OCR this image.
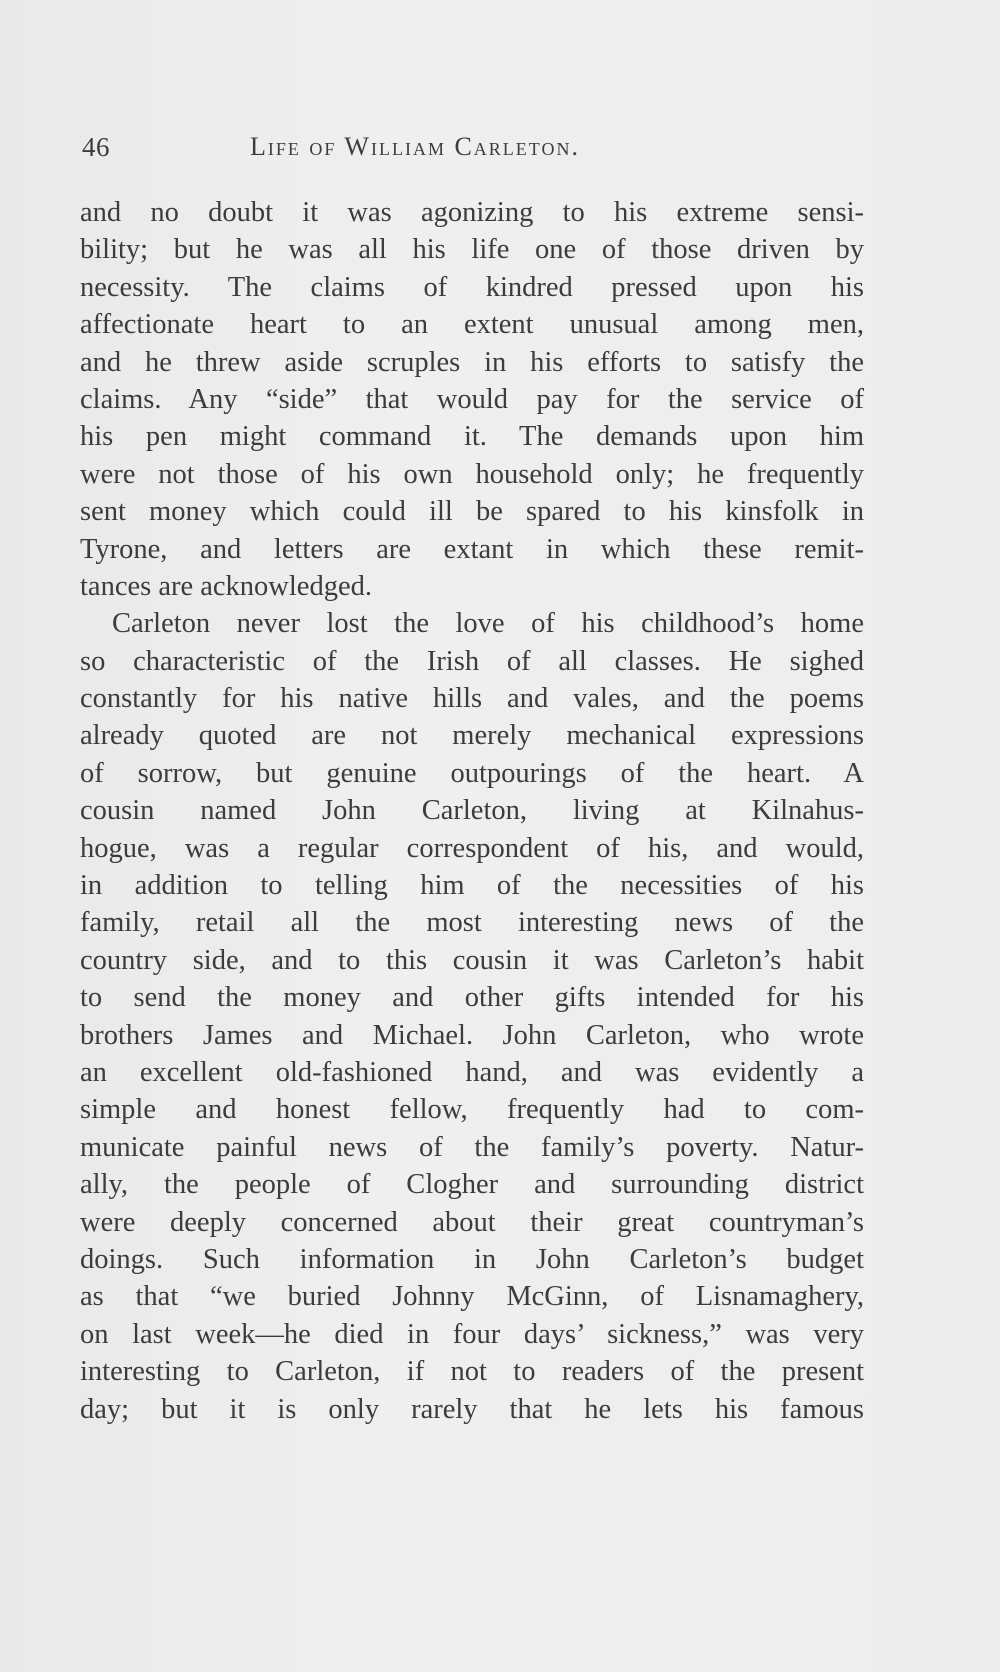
46	Life of William Carleton.
and no doubt it was agonizing to his extreme sensi-
bility; but he was all his life one of those driven by
necessity. The claims of kindred pressed upon his
affectionate heart to an extent unusual among men,
and he threw aside scruples in his efforts to satisfy the
claims. Any “side” that would pay for the service of
his pen might command it. The demands upon him
were not those of his own household only; he frequently
sent money which could ill be spared to his kinsfolk in
Tyrone, and letters are extant in which these remit-
tances are acknowledged.
Carleton never lost the love of his childhood’s home
so characteristic of the Irish of all classes. He sighed
constantly for his native hills and vales, and the poems
already quoted are not merely mechanical expressions
of sorrow, but genuine outpourings of the heart. A
cousin named John Carleton, living at Kilnahus-
hogue, was a regular correspondent of his, and would,
in addition to telling him of the necessities of his
family, retail all the most interesting news of the
country side, and to this cousin it was Carleton’s habit
to send the money and other gifts intended for his
brothers James and Michael. John Carleton, who wrote
an excellent old-fashioned hand, and was evidently a
simple and honest fellow, frequently had to com-
municate painful news of the family’s poverty. Natur-
ally, the people of Clogher and surrounding district
were deeply concerned about their great countryman’s
doings. Such information in John Carleton’s budget
as that “we buried Johnny McGinn, of Lisnamaghery,
on last week—he died in four days’ sickness,” was very
interesting to Carleton, if not to readers of the present
day; but it is only rarely that he lets his famous
